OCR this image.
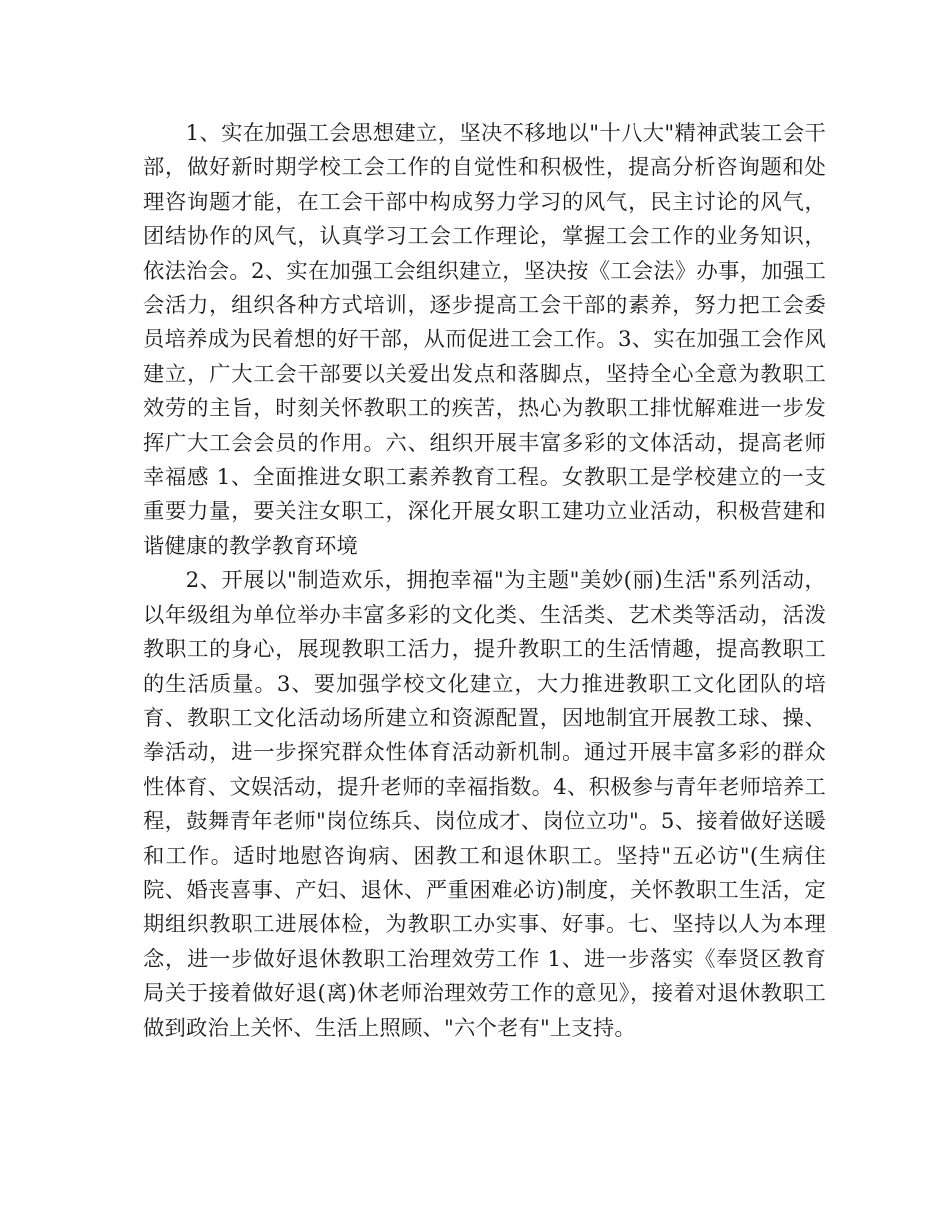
1、实在加强工会思想建立，坚决不移地以"十八大"精神武装工会干部，做好新时期学校工会工作的自觉性和积极性，提高分析咨询题和处理咨询题才能，在工会干部中构成努力学习的风气，民主讨论的风气，团结协作的风气，认真学习工会工作理论，掌握工会工作的业务知识，依法治会。2、实在加强工会组织建立，坚决按《工会法》办事，加强工会活力，组织各种方式培训，逐步提高工会干部的素养，努力把工会委员培养成为民着想的好干部，从而促进工会工作。3、实在加强工会作风建立，广大工会干部要以关爱出发点和落脚点，坚持全心全意为教职工效劳的主旨，时刻关怀教职工的疾苦，热心为教职工排忧解难进一步发挥广大工会会员的作用。六、组织开展丰富多彩的文体活动，提高老师幸福感 1、全面推进女职工素养教育工程。女教职工是学校建立的一支重要力量，要关注女职工，深化开展女职工建功立业活动，积极营建和谐健康的教学教育环境

2、开展以"制造欢乐，拥抱幸福"为主题"美妙(丽)生活"系列活动，以年级组为单位举办丰富多彩的文化类、生活类、艺术类等活动，活泼教职工的身心，展现教职工活力，提升教职工的生活情趣，提高教职工的生活质量。3、要加强学校文化建立，大力推进教职工文化团队的培育、教职工文化活动场所建立和资源配置，因地制宜开展教工球、操、拳活动，进一步探究群众性体育活动新机制。通过开展丰富多彩的群众性体育、文娱活动，提升老师的幸福指数。4、积极参与青年老师培养工程，鼓舞青年老师"岗位练兵、岗位成才、岗位立功"。5、接着做好送暖和工作。适时地慰咨询病、困教工和退休职工。坚持"五必访"(生病住院、婚丧喜事、产妇、退休、严重困难必访)制度，关怀教职工生活，定期组织教职工进展体检，为教职工办实事、好事。七、坚持以人为本理念，进一步做好退休教职工治理效劳工作 1、进一步落实《奉贤区教育局关于接着做好退(离)休老师治理效劳工作的意见》，接着对退休教职工做到政治上关怀、生活上照顾、"六个老有"上支持。
